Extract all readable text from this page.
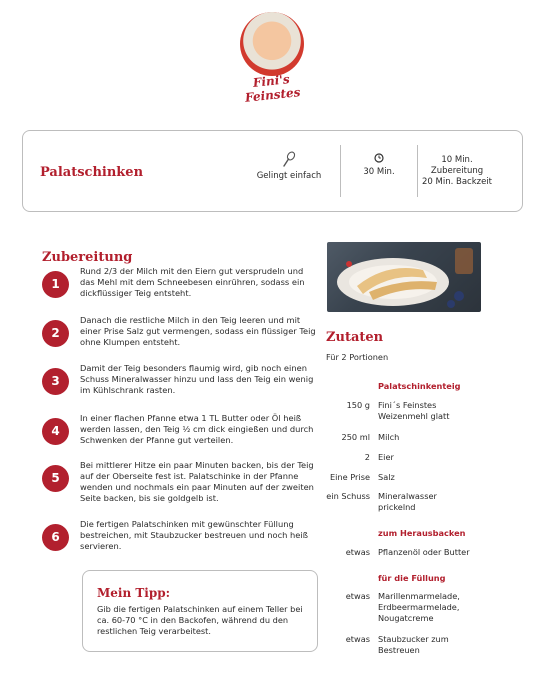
Fini's Feinstes
Palatschinken	Gelingt einfach	30 Min.
10 Min.
Zubereitung
20 Min. Backzeit
Zubereitung
1
Rund 2/3 der Milch mit den Eiern gut versprudeln und das Mehl mit dem Schneebesen einrühren, sodass ein dickflüssiger Teig entsteht.
2
Danach die restliche Milch in den Teig leeren und mit einer Prise Salz gut vermengen, sodass ein flüssiger Teig ohne Klumpen entsteht.
3
Damit der Teig besonders flaumig wird, gib noch einen Schuss Mineralwasser hinzu und lass den Teig ein wenig im Kühlschrank rasten.
4
In einer flachen Pfanne etwa 1 TL Butter oder Öl heiß werden lassen, den Teig ½ cm dick eingießen und durch Schwenken der Pfanne gut verteilen.
5
Bei mittlerer Hitze ein paar Minuten backen, bis der Teig auf der Oberseite fest ist. Palatschinke in der Pfanne wenden und nochmals ein paar Minuten auf der zweiten Seite backen, bis sie goldgelb ist.
6
Die fertigen Palatschinken mit gewünschter Füllung bestreichen, mit Staubzucker bestreuen und noch heiß servieren.
Mein Tipp:
Gib die fertigen Palatschinken auf einem Teller bei ca. 60-70 °C in den Backofen, während du den restlichen Teig verarbeitest.
Zutaten
Für 2 Portionen
Palatschinkenteig
150 g Fini´s Feinstes Weizenmehl glatt
250 ml Milch
2 Eier
Eine Prise Salz
ein Schuss Mineralwasser prickelnd
zum Herausbacken
etwas Pflanzenöl oder Butter
für die Füllung
etwas Marillenmarmelade, Erdbeermarmelade, Nougatcreme
etwas Staubzucker zum Bestreuen
